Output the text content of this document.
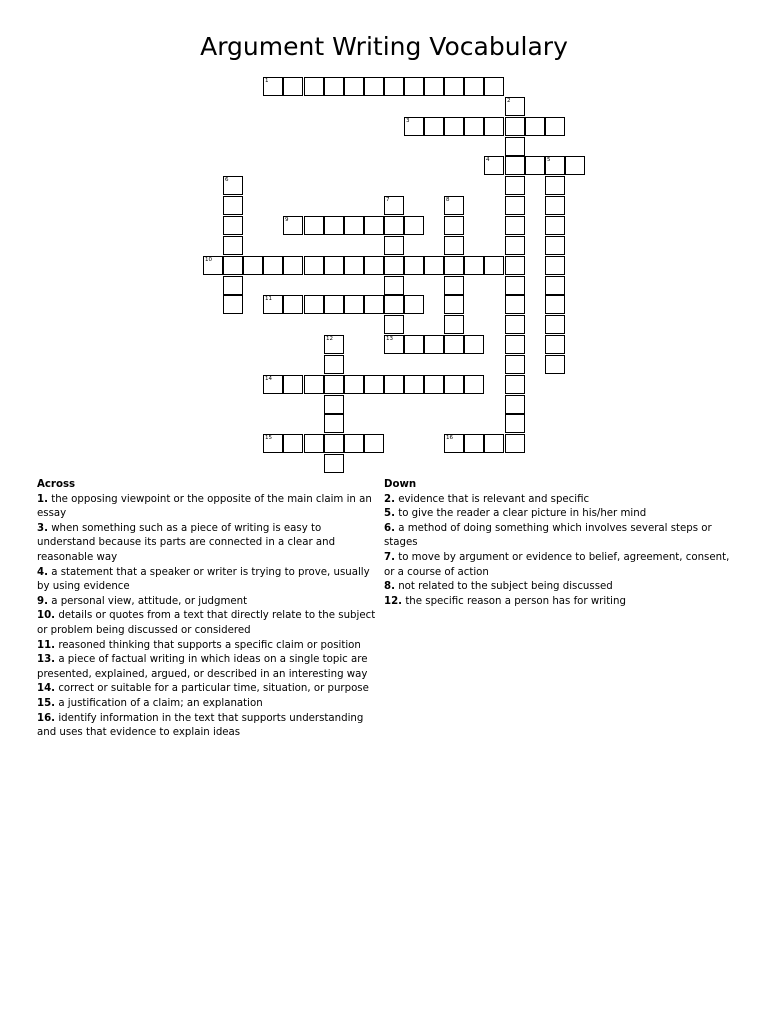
Argument Writing Vocabulary
1
2
3
4	5
6
7
13
8
9
10
11
12
14
15	16
Across
1. the opposing viewpoint or the opposite of the main claim in an essay
3. when something such as a piece of writing is easy to understand because its parts are connected in a clear and reasonable way
4. a statement that a speaker or writer is trying to prove, usually by using evidence
9. a personal view, attitude, or judgment
10. details or quotes from a text that directly relate to the subject or problem being discussed or considered
11. reasoned thinking that supports a specific claim or position
13. a piece of factual writing in which ideas on a single topic are presented, explained, argued, or described in an interesting way
14. correct or suitable for a particular time, situation, or purpose
15. a justification of a claim; an explanation
16. identify information in the text that supports understanding and uses that evidence to explain ideas
Down
2. evidence that is relevant and specific
5. to give the reader a clear picture in his/her mind
6. a method of doing something which involves several steps or stages
7. to move by argument or evidence to belief, agreement, consent, or a course of action
8. not related to the subject being discussed
12. the specific reason a person has for writing
